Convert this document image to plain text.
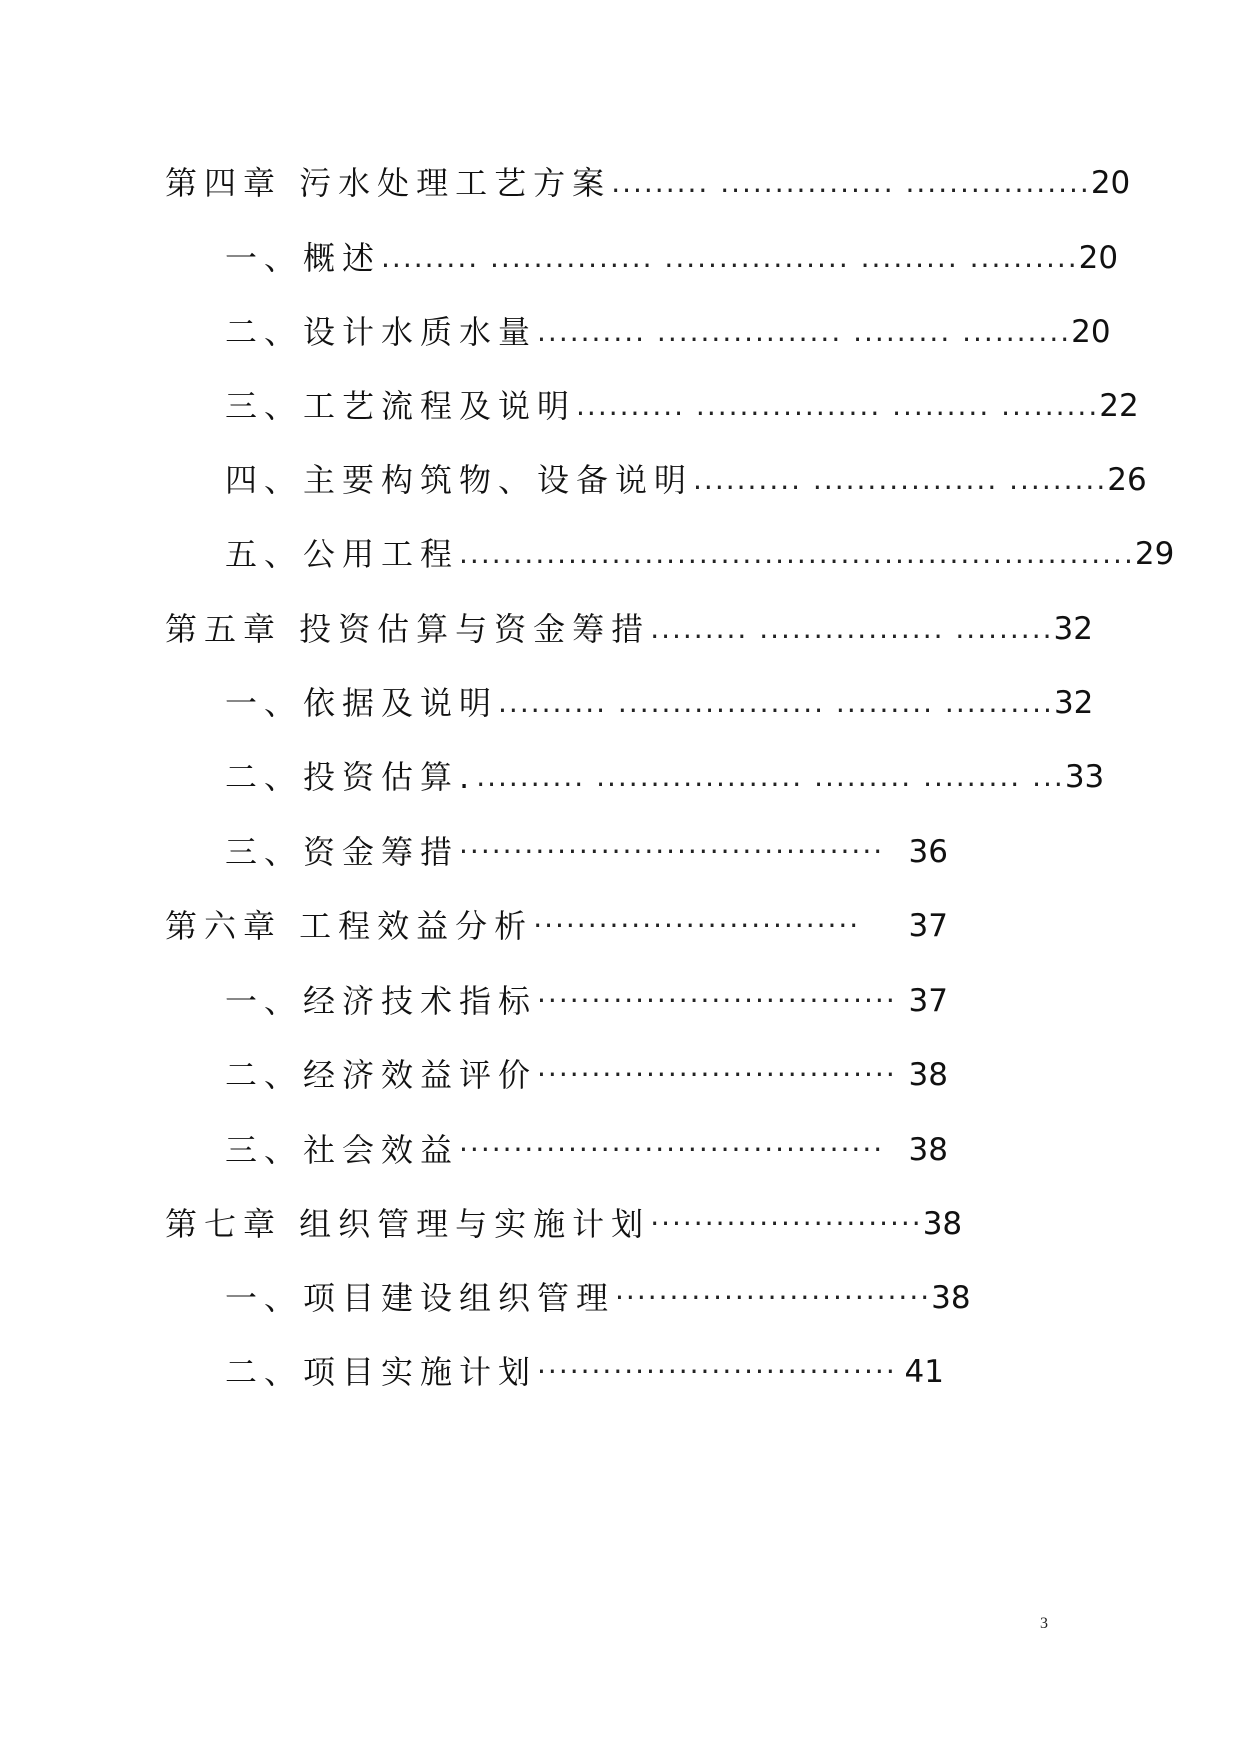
第四章 污水处理工艺方案 ......... ................ ................. 20
一、概述 ......... ............... ................. ......... .......... 20
二、设计水质水量 .......... ................. ......... .......... 20
三、工艺流程及说明 .......... ................. ......... ......... 22
四、主要构筑物、设备说明 .......... ................. ......... 26
五、公用工程 .............................................................. 29
第五章 投资估算与资金筹措 ......... ................. ......... 32
一、依据及说明 .......... ................... ......... .......... 32
二、投资估算. .......... ................... ......... ......... ... 33
三、资金筹措 ······································· 36
第六章 工程效益分析 ······························	37
一、经济技术指标 ································· 37
二、经济效益评价 ································· 38
三、社会效益 ······································· 38
第七章 组织管理与实施计划 ························· 38
一、项目建设组织管理 ····························· 38
二、项目实施计划 ································· 41
3
